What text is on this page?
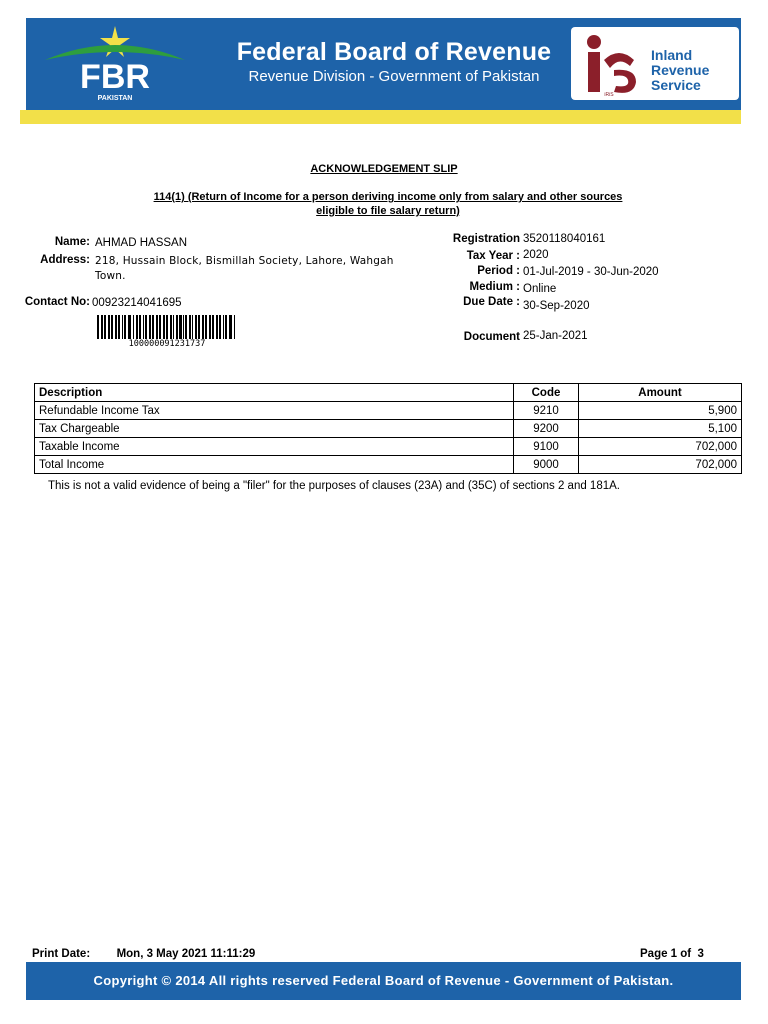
FBR
PAKISTAN
Federal Board of Revenue
Revenue Division - Government of Pakistan
iRiS
Inland
Revenue
Service
ACKNOWLEDGEMENT SLIP
114(1) (Return of Income for a person deriving income only from salary and other sources
eligible to file salary return)
Name: AHMAD HASSAN
Address: 218, Hussain Block, Bismillah Society, Lahore, Wahgah
Town.
Contact No: 00923214041695
100000091231737
Registration 3520118040161
Tax Year : 2020
Period : 01-Jul-2019 - 30-Jun-2020
Medium : Online
Due Date : 30-Sep-2020
Document 25-Jan-2021
Description	Code	Amount
Refundable Income Tax	9210	5,900
Tax Chargeable	9200	5,100
Taxable Income	9100	702,000
Total Income	9000	702,000
This is not a valid evidence of being a "filer" for the purposes of clauses (23A) and (35C) of sections 2 and 181A.
Print Date: Mon, 3 May 2021 11:11:29	Page 1 of  3
Copyright © 2014 All rights reserved Federal Board of Revenue - Government of Pakistan.
